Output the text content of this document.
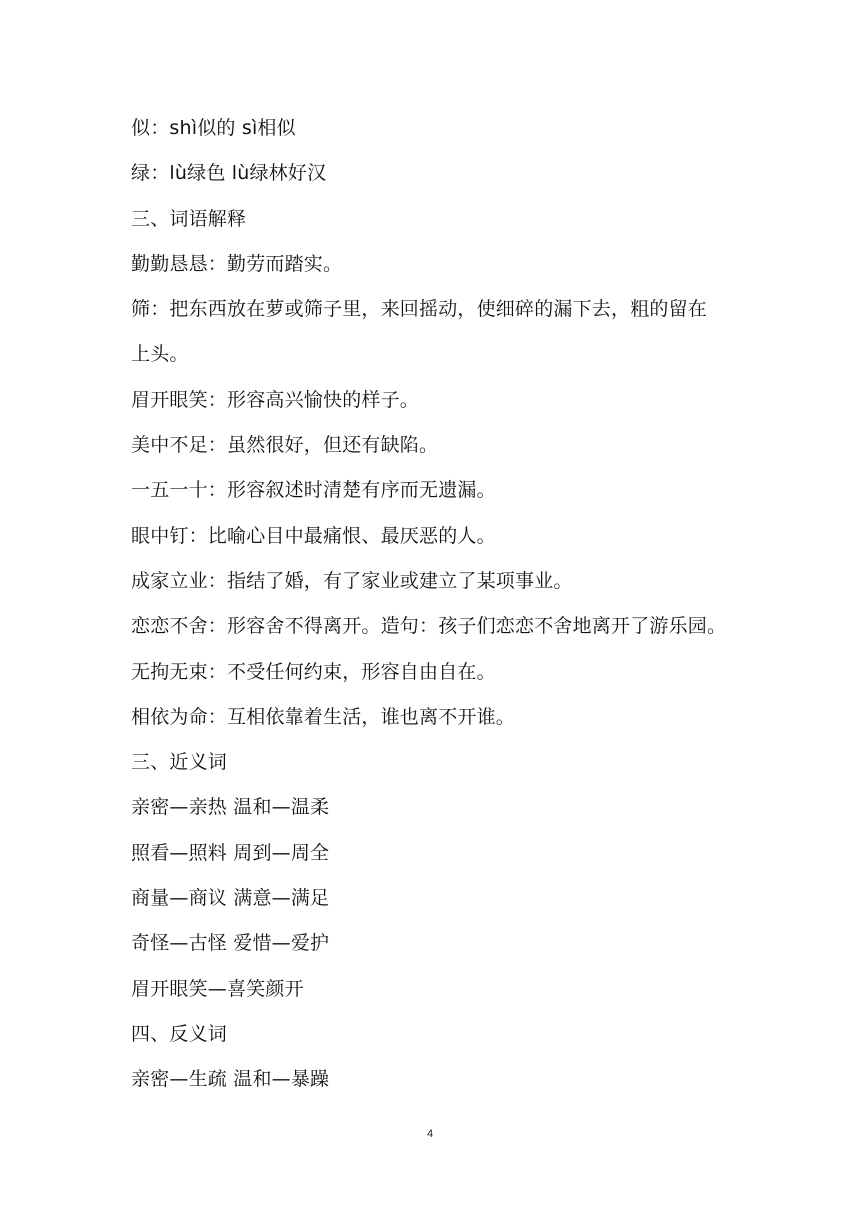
似：shì似的 sì相似
绿：lù绿色 lù绿林好汉
三、词语解释
勤勤恳恳：勤劳而踏实。
筛：把东西放在萝或筛子里，来回摇动，使细碎的漏下去，粗的留在
上头。
眉开眼笑：形容高兴愉快的样子。
美中不足：虽然很好，但还有缺陷。
一五一十：形容叙述时清楚有序而无遗漏。
眼中钉：比喻心目中最痛恨、最厌恶的人。
成家立业：指结了婚，有了家业或建立了某项事业。
恋恋不舍：形容舍不得离开。造句：孩子们恋恋不舍地离开了游乐园。
无拘无束：不受任何约束，形容自由自在。
相依为命：互相依靠着生活，谁也离不开谁。
三、近义词
亲密—亲热 温和—温柔
照看—照料 周到—周全
商量—商议 满意—满足
奇怪—古怪 爱惜—爱护
眉开眼笑—喜笑颜开
四、反义词
亲密—生疏 温和—暴躁
4
